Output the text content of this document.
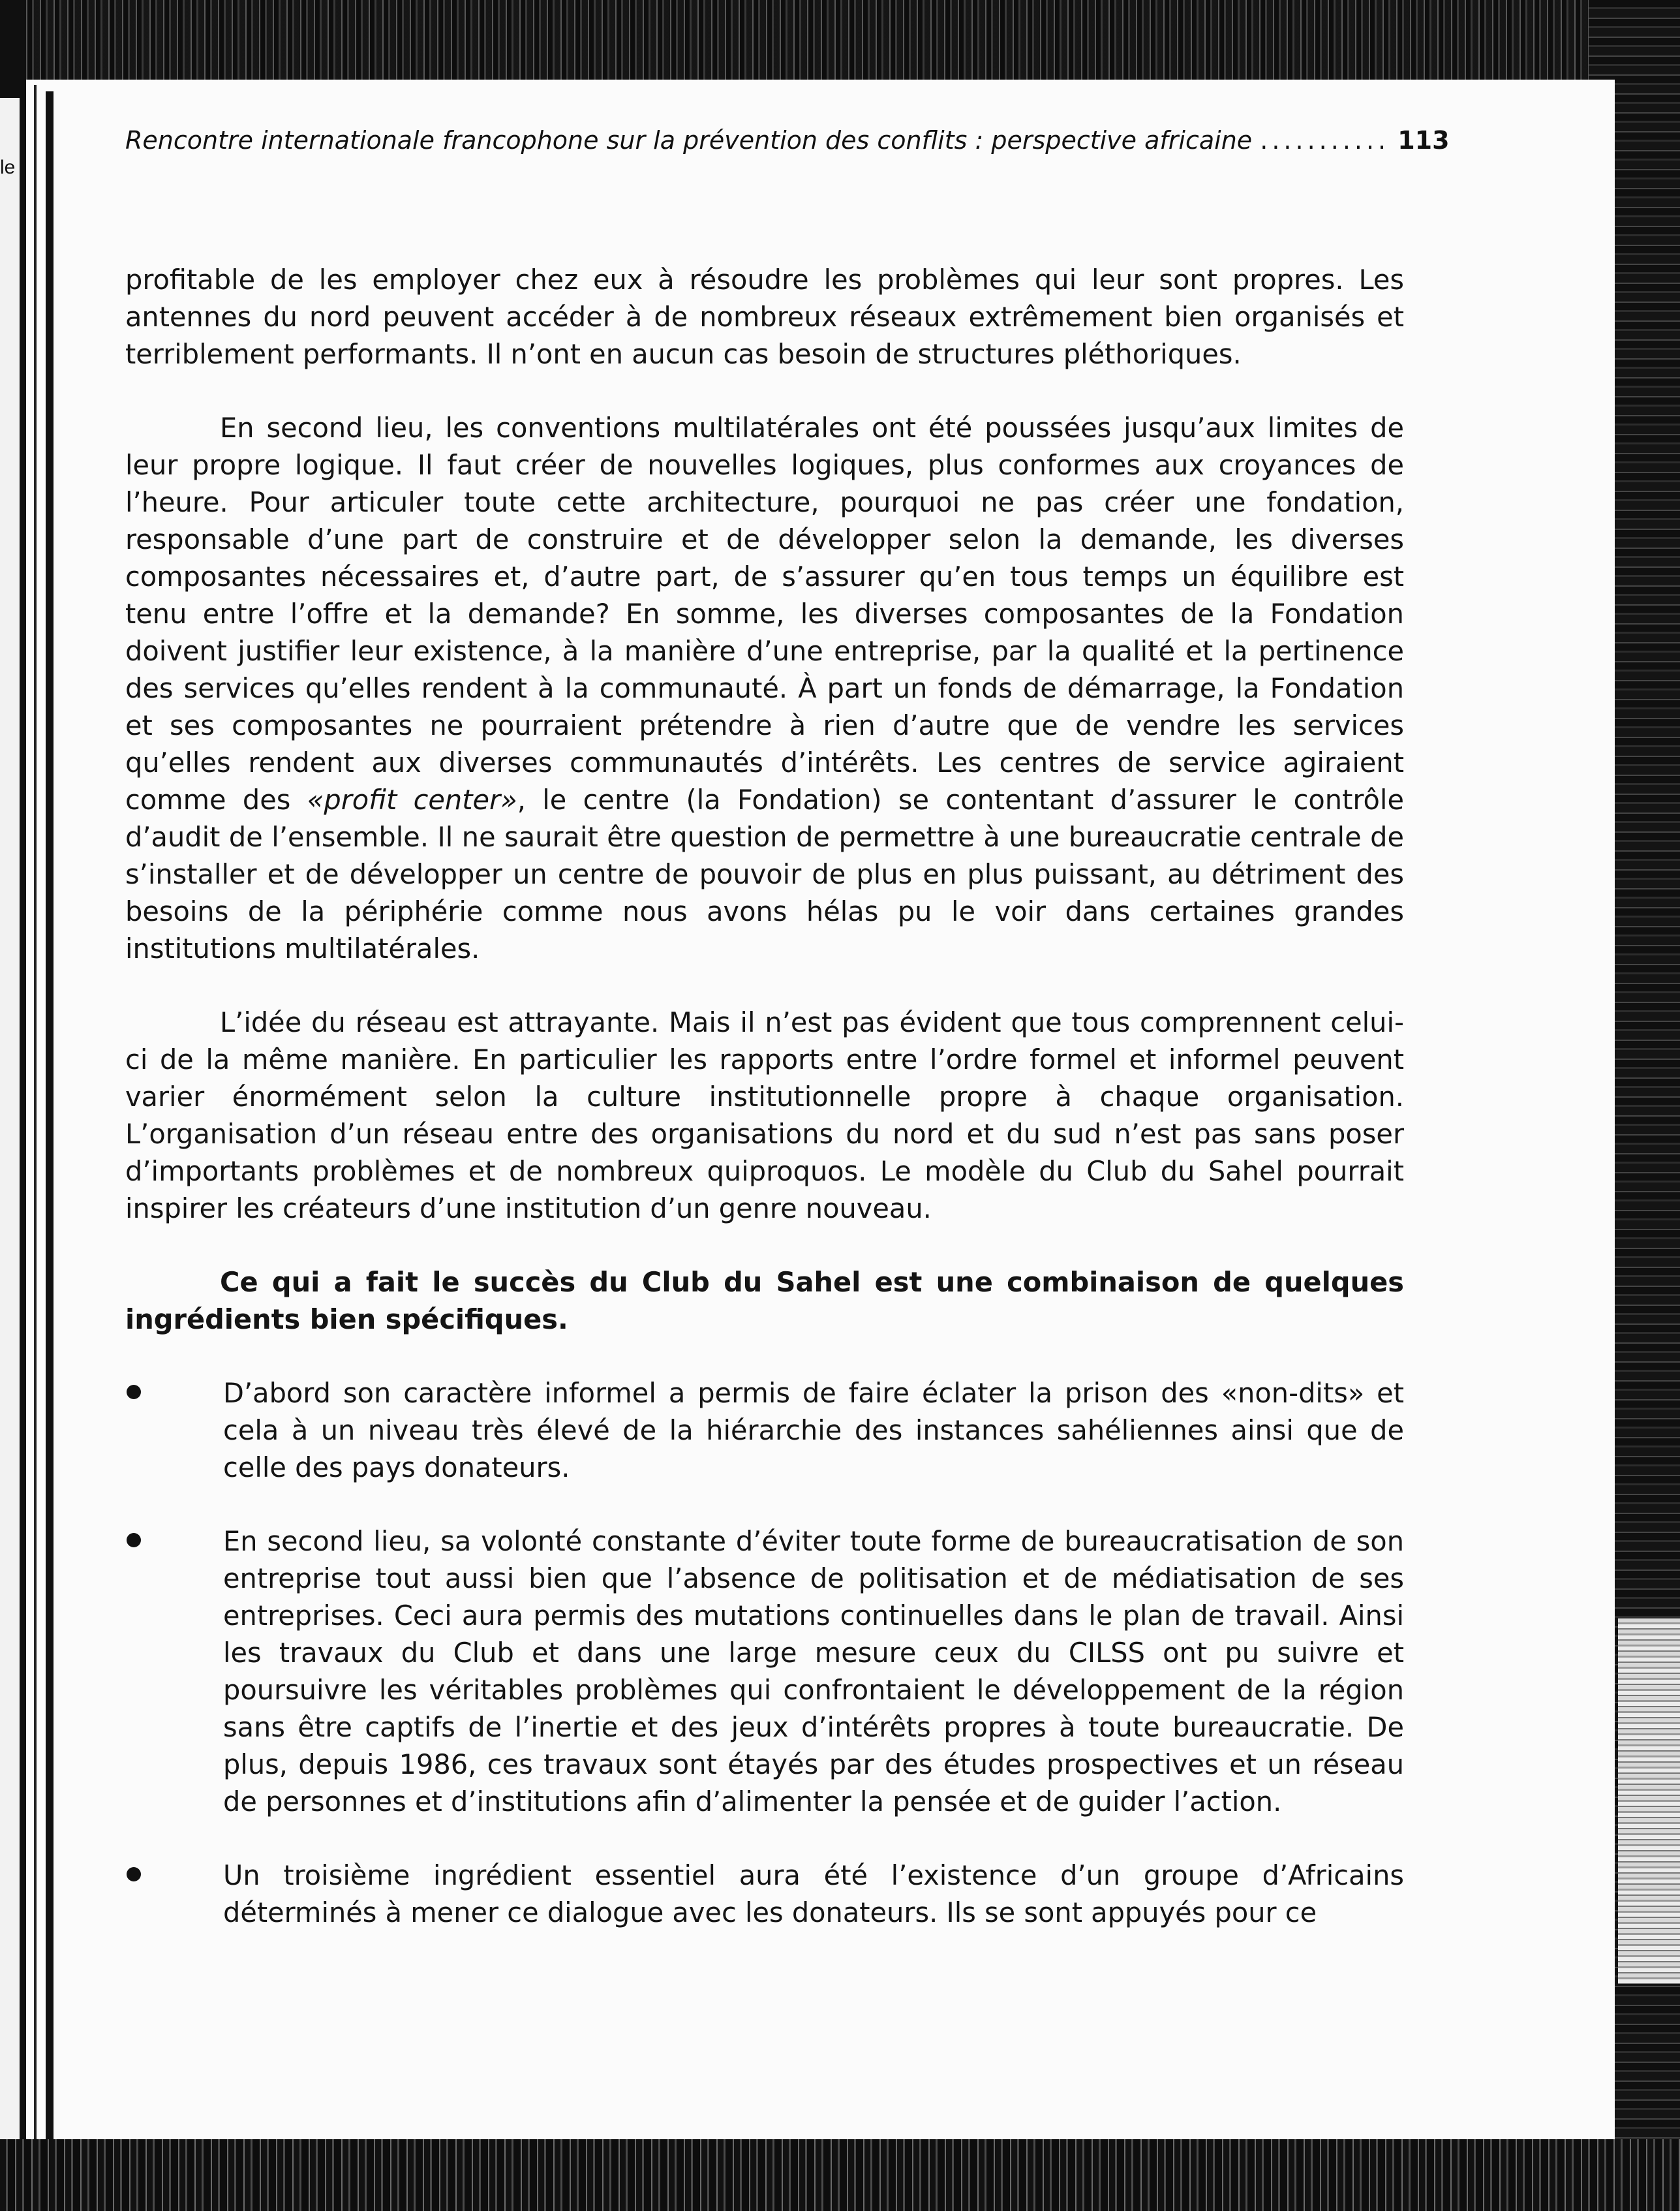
le
Rencontre internationale francophone sur la prévention des conflits : perspective africaine ........... 113

profitable de les employer chez eux à résoudre les problèmes qui leur sont propres. Les antennes du nord peuvent accéder à de nombreux réseaux extrêmement bien organisés et terriblement performants. Il n’ont en aucun cas besoin de structures pléthoriques.

En second lieu, les conventions multilatérales ont été poussées jusqu’aux limites de leur propre logique. Il faut créer de nouvelles logiques, plus conformes aux croyances de l’heure. Pour articuler toute cette architecture, pourquoi ne pas créer une fondation, responsable d’une part de construire et de développer selon la demande, les diverses composantes nécessaires et, d’autre part, de s’assurer qu’en tous temps un équilibre est tenu entre l’offre et la demande? En somme, les diverses composantes de la Fondation doivent justifier leur existence, à la manière d’une entreprise, par la qualité et la pertinence des services qu’elles rendent à la communauté. À part un fonds de démarrage, la Fondation et ses composantes ne pourraient prétendre à rien d’autre que de vendre les services qu’elles rendent aux diverses communautés d’intérêts. Les centres de service agiraient comme des «profit center», le centre (la Fondation) se contentant d’assurer le contrôle d’audit de l’ensemble. Il ne saurait être question de permettre à une bureaucratie centrale de s’installer et de développer un centre de pouvoir de plus en plus puissant, au détriment des besoins de la périphérie comme nous avons hélas pu le voir dans certaines grandes institutions multilatérales.

L’idée du réseau est attrayante. Mais il n’est pas évident que tous comprennent celui-ci de la même manière. En particulier les rapports entre l’ordre formel et informel peuvent varier énormément selon la culture institutionnelle propre à chaque organisation. L’organisation d’un réseau entre des organisations du nord et du sud n’est pas sans poser d’importants problèmes et de nombreux quiproquos. Le modèle du Club du Sahel pourrait inspirer les créateurs d’une institution d’un genre nouveau.

Ce qui a fait le succès du Club du Sahel est une combinaison de quelques ingrédients bien spécifiques.

D’abord son caractère informel a permis de faire éclater la prison des «non-dits» et cela à un niveau très élevé de la hiérarchie des instances sahéliennes ainsi que de celle des pays donateurs.
En second lieu, sa volonté constante d’éviter toute forme de bureaucratisation de son entreprise tout aussi bien que l’absence de politisation et de médiatisation de ses entreprises. Ceci aura permis des mutations continuelles dans le plan de travail. Ainsi les travaux du Club et dans une large mesure ceux du CILSS ont pu suivre et poursuivre les véritables problèmes qui confrontaient le développement de la région sans être captifs de l’inertie et des jeux d’intérêts propres à toute bureaucratie. De plus, depuis 1986, ces travaux sont étayés par des études prospectives et un réseau de personnes et d’institutions afin d’alimenter la pensée et de guider l’action.
Un troisième ingrédient essentiel aura été l’existence d’un groupe d’Africains déterminés à mener ce dialogue avec les donateurs. Ils se sont appuyés pour ce
